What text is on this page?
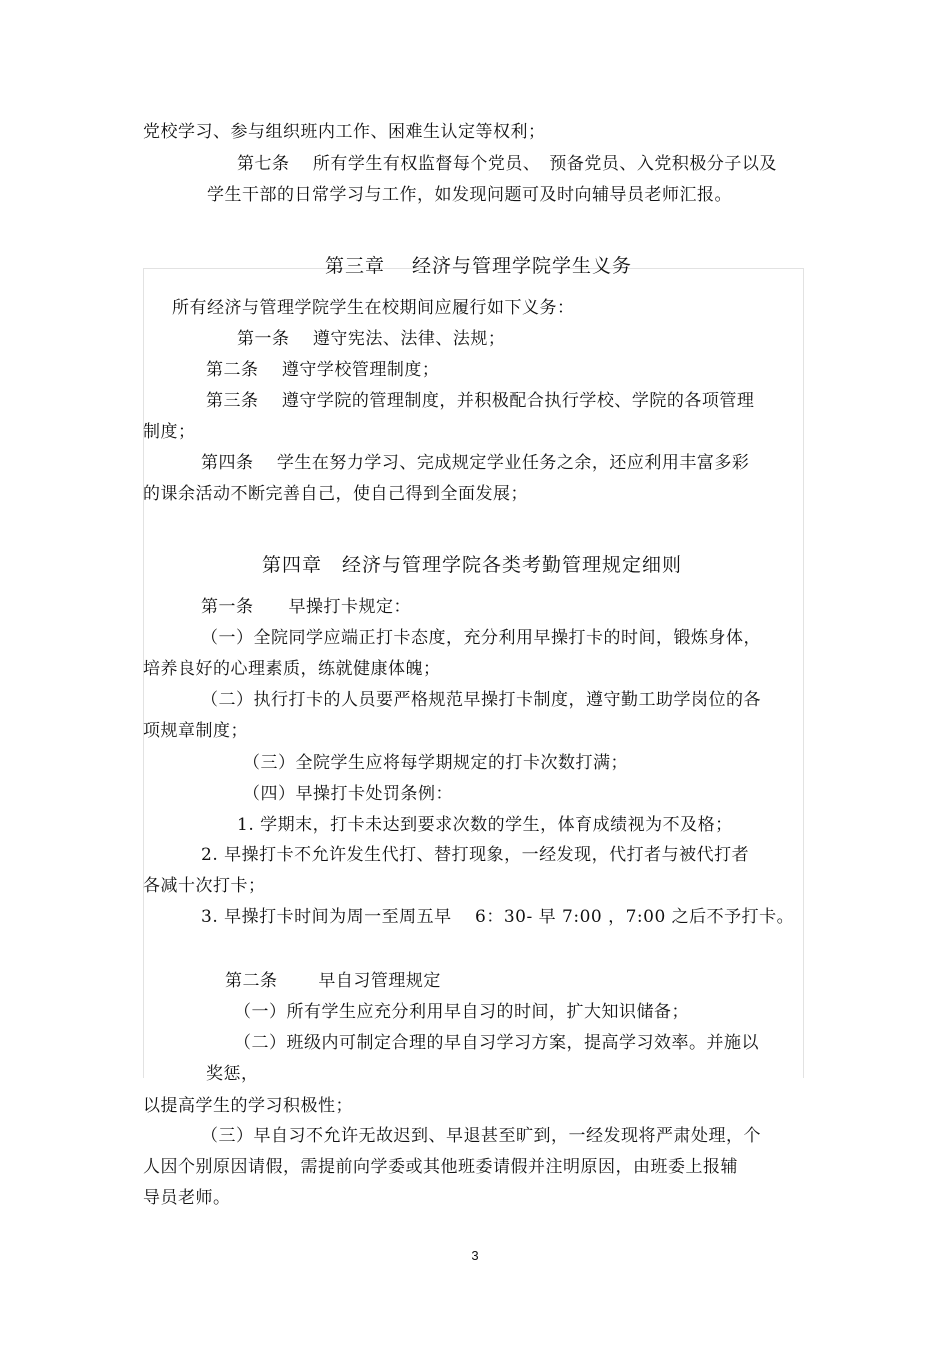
党校学习、参与组织班内工作、困难生认定等权利；
第七条　 所有学生有权监督每个党员、　预备党员、入党积极分子以及
学生干部的日常学习与工作，如发现问题可及时向辅导员老师汇报。
第三章　 经济与管理学院学生义务
所有经济与管理学院学生在校期间应履行如下义务：
第一条　 遵守宪法、法律、法规；
第二条　 遵守学校管理制度；
第三条　 遵守学院的管理制度，并积极配合执行学校、学院的各项管理
制度；
第四条　 学生在努力学习、完成规定学业任务之余，还应利用丰富多彩
的课余活动不断完善自己，使自己得到全面发展；
第四章　经济与管理学院各类考勤管理规定细则
第一条　　早操打卡规定：
（一）全院同学应端正打卡态度，充分利用早操打卡的时间，锻炼身体，
培养良好的心理素质，练就健康体魄；
（二）执行打卡的人员要严格规范早操打卡制度，遵守勤工助学岗位的各
项规章制度；
（三）全院学生应将每学期规定的打卡次数打满；
（四）早操打卡处罚条例：
1. 学期末，打卡未达到要求次数的学生，体育成绩视为不及格；
2. 早操打卡不允许发生代打、替打现象，一经发现，代打者与被代打者
各减十次打卡；
3. 早操打卡时间为周一至周五早　 6：30- 早 7:00 ，7:00 之后不予打卡。
第二条　　 早自习管理规定
（一）所有学生应充分利用早自习的时间，扩大知识储备；
（二）班级内可制定合理的早自习学习方案，提高学习效率。并施以
奖惩，
以提高学生的学习积极性；
（三）早自习不允许无故迟到、早退甚至旷到，一经发现将严肃处理，个
人因个别原因请假，需提前向学委或其他班委请假并注明原因，由班委上报辅
导员老师。
3
